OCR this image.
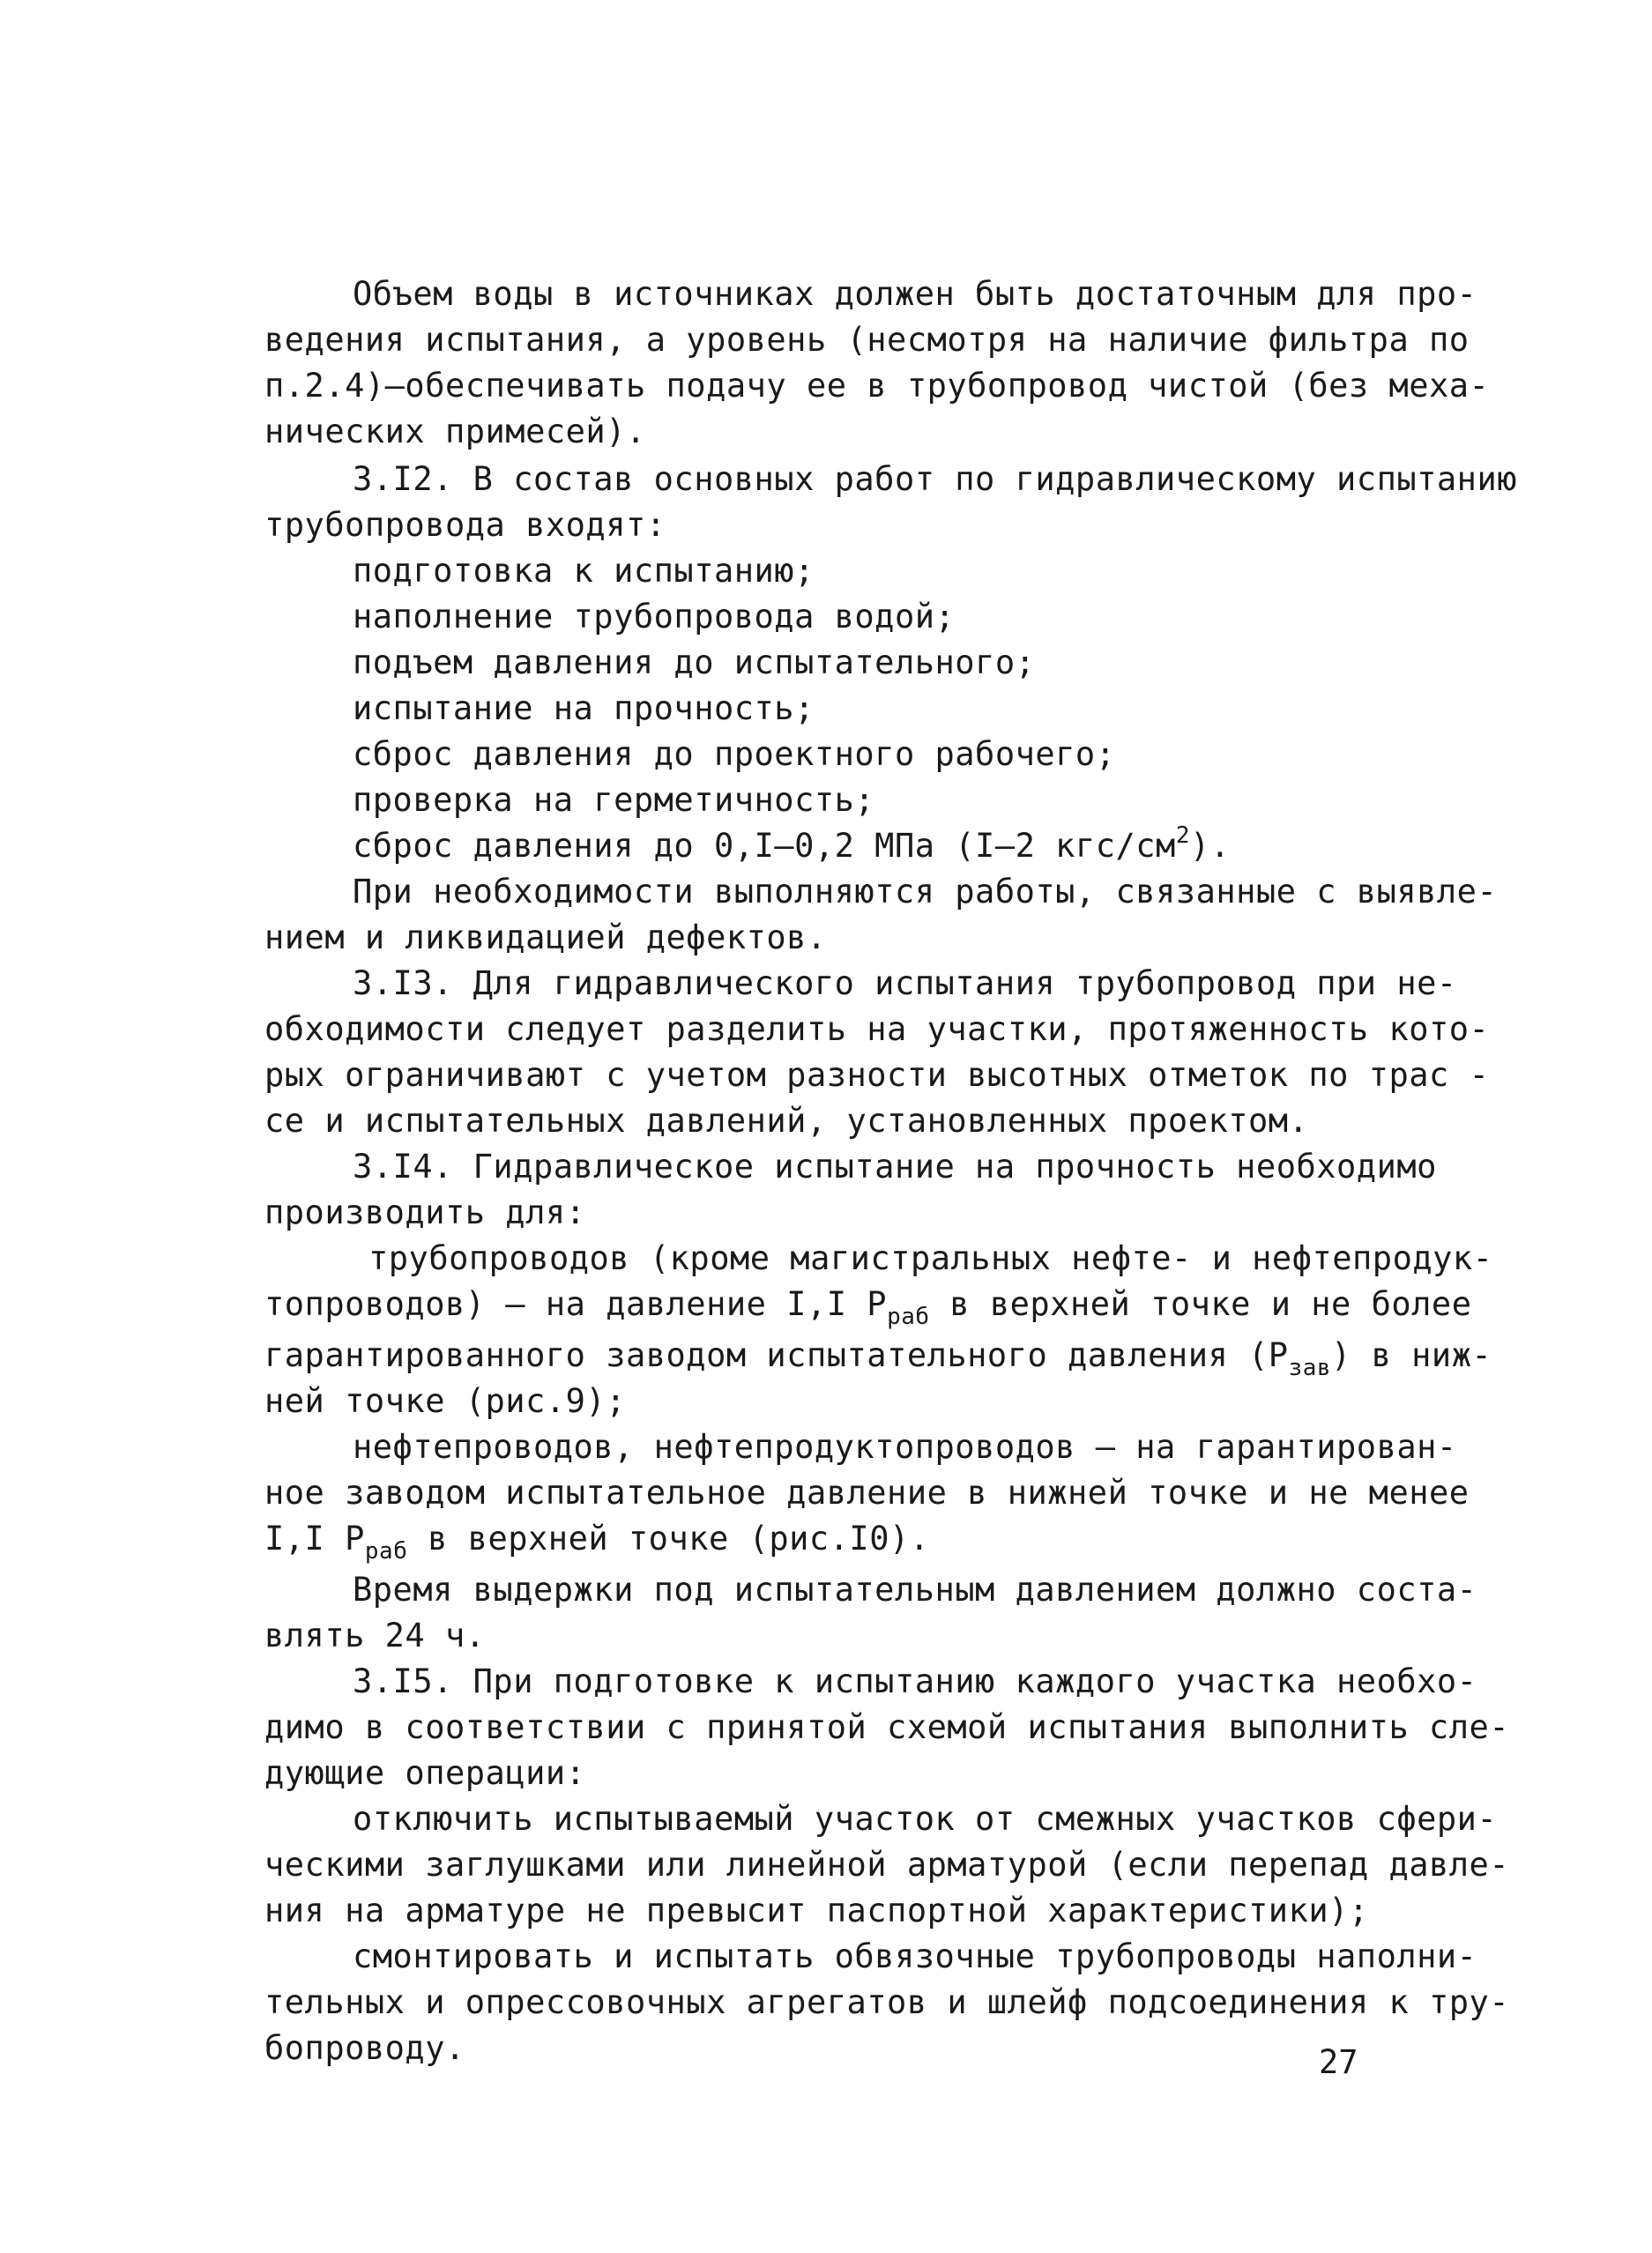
Объем воды в источниках должен быть достаточным для про-
ведения испытания, а уровень (несмотря на наличие фильтра по
п.2.4)–обеспечивать подачу ее в трубопровод чистой (без меха-
нических примесей).
3.I2. В состав основных работ по гидравлическому испытанию
трубопровода входят:
подготовка к испытанию;
наполнение трубопровода водой;
подъем давления до испытательного;
испытание на прочность;
сброс давления до проектного рабочего;
проверка на герметичность;
сброс давления до 0,I–0,2 МПа (I–2 кгс/$см^2$).
При необходимости выполняются работы, связанные с выявле-
нием и ликвидацией дефектов.
3.I3. Для гидравлического испытания трубопровод при не-
обходимости следует разделить на участки, протяженность кото-
рых ограничивают с учетом разности высотных отметок по трас -
се и испытательных давлений, установленных проектом.
3.I4. Гидравлическое испытание на прочность необходимо
производить для:
трубопроводов (кроме магистральных нефте- и нефтепродук-
топроводов) – на давление I,I $Р_{раб}$ в верхней точке и не более
гарантированного заводом испытательного давления $(Р_{зав})$ в ниж-
ней точке (рис.9);
нефтепроводов, нефтепродуктопроводов – на гарантирован-
ное заводом испытательное давление в нижней точке и не менее
I,I $Р_{раб}$ в верхней точке (рис.I0).
Время выдержки под испытательным давлением должно соста-
влять 24 ч.
3.I5. При подготовке к испытанию каждого участка необхо-
димо в соответствии с принятой схемой испытания выполнить сле-
дующие операции:
отключить испытываемый участок от смежных участков сфери-
ческими заглушками или линейной арматурой (если перепад давле-
ния на арматуре не превысит паспортной характеристики);
смонтировать и испытать обвязочные трубопроводы наполни-
тельных и опрессовочных агрегатов и шлейф подсоединения к тру-
бопроводу.	27
